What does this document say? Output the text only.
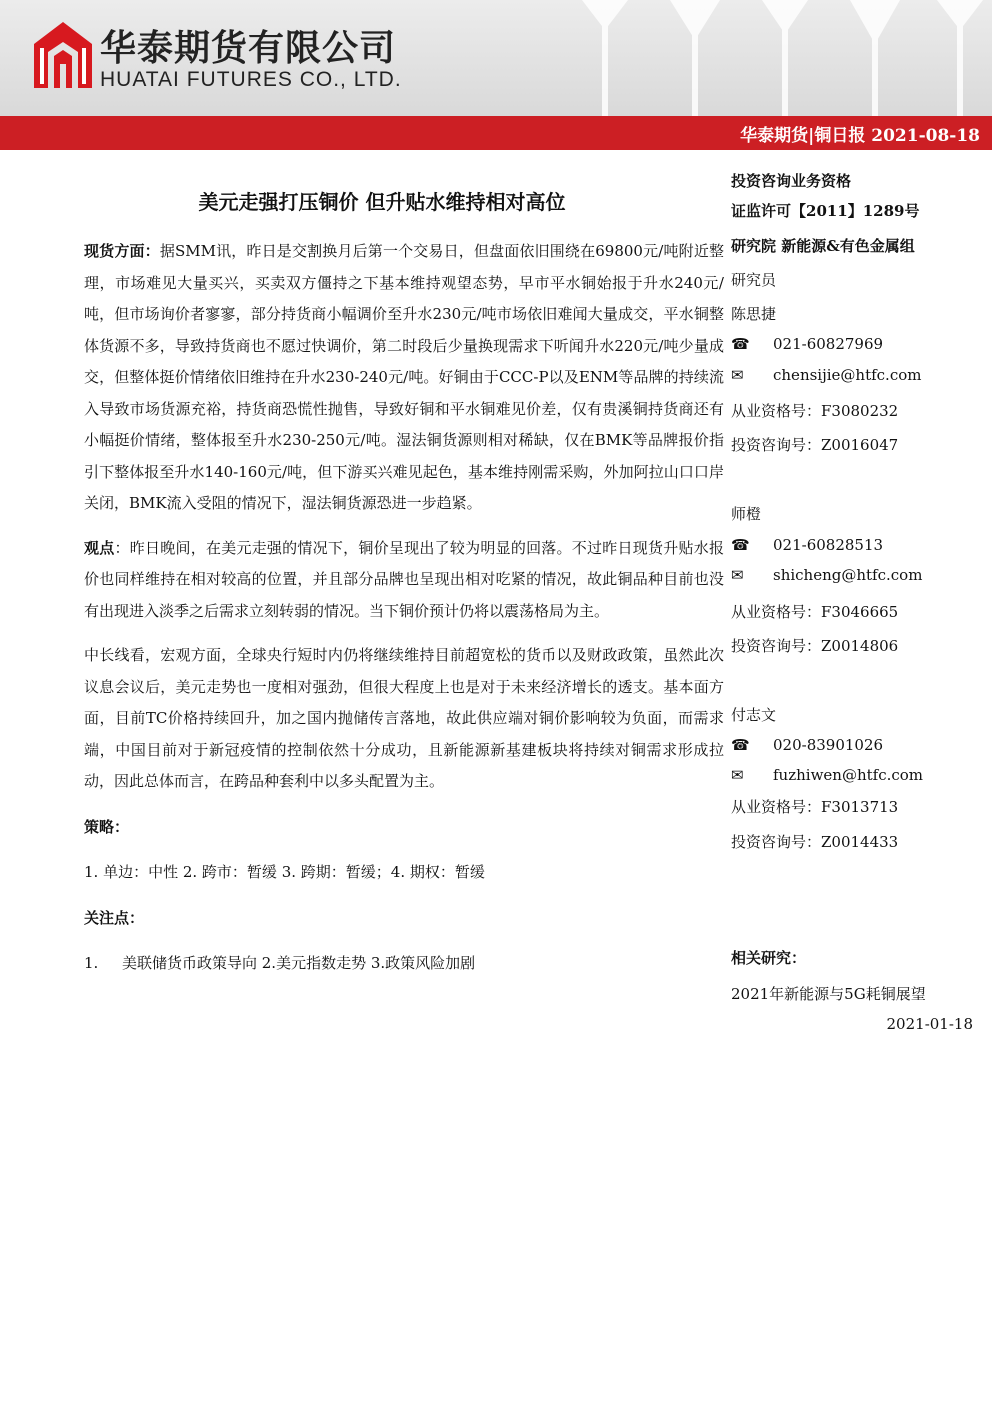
华泰期货有限公司
HUATAI FUTURES CO., LTD.
华泰期货|铜日报 2021-08-18
美元走强打压铜价 但升贴水维持相对高位

现货方面：据SMM讯，昨日是交割换月后第一个交易日，但盘面依旧围绕在69800元/吨附近整理，市场难见大量买兴，买卖双方僵持之下基本维持观望态势，早市平水铜始报于升水240元/吨，但市场询价者寥寥，部分持货商小幅调价至升水230元/吨市场依旧难闻大量成交，平水铜整体货源不多，导致持货商也不愿过快调价，第二时段后少量换现需求下听闻升水220元/吨少量成交，但整体挺价情绪依旧维持在升水230-240元/吨。好铜由于CCC-P以及ENM等品牌的持续流入导致市场货源充裕，持货商恐慌性抛售，导致好铜和平水铜难见价差，仅有贵溪铜持货商还有小幅挺价情绪，整体报至升水230-250元/吨。湿法铜货源则相对稀缺，仅在BMK等品牌报价指引下整体报至升水140-160元/吨，但下游买兴难见起色，基本维持刚需采购，外加阿拉山口口岸关闭，BMK流入受阻的情况下，湿法铜货源恐进一步趋紧。

观点：昨日晚间，在美元走强的情况下，铜价呈现出了较为明显的回落。不过昨日现货升贴水报价也同样维持在相对较高的位置，并且部分品牌也呈现出相对吃紧的情况，故此铜品种目前也没有出现进入淡季之后需求立刻转弱的情况。当下铜价预计仍将以震荡格局为主。

中长线看，宏观方面，全球央行短时内仍将继续维持目前超宽松的货币以及财政政策，虽然此次议息会议后，美元走势也一度相对强劲，但很大程度上也是对于未来经济增长的透支。基本面方面，目前TC价格持续回升，加之国内抛储传言落地，故此供应端对铜价影响较为负面，而需求端，中国目前对于新冠疫情的控制依然十分成功，且新能源新基建板块将持续对铜需求形成拉动，因此总体而言，在跨品种套利中以多头配置为主。

策略：

1. 单边：中性 2. 跨市：暂缓 3. 跨期：暂缓；4. 期权：暂缓

关注点：

1. 美联储货币政策导向 2.美元指数走势 3.政策风险加剧

投资咨询业务资格
证监许可【2011】1289号
研究院 新能源&有色金属组
研究员
陈思捷
☎ 021-60827969
✉ chensijie@htfc.com
从业资格号：F3080232
投资咨询号：Z0016047
师橙
☎ 021-60828513
✉ shicheng@htfc.com
从业资格号：F3046665
投资咨询号：Z0014806
付志文
☎ 020-83901026
✉ fuzhiwen@htfc.com
从业资格号：F3013713
投资咨询号：Z0014433
相关研究：
2021年新能源与5G耗铜展望
2021-01-18
